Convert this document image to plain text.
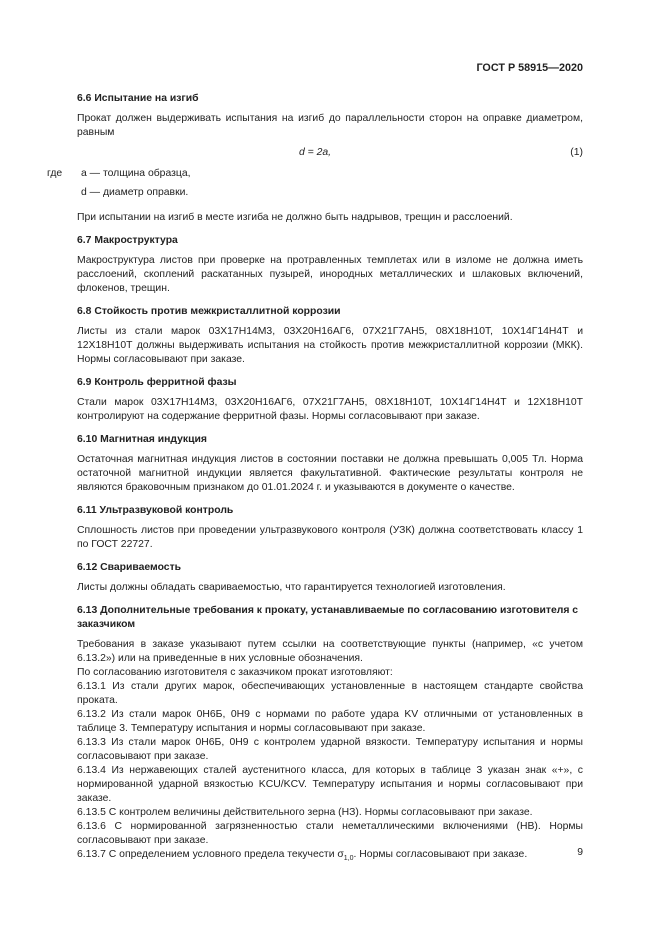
ГОСТ Р 58915—2020
6.6 Испытание на изгиб

Прокат должен выдерживать испытания на изгиб до параллельности сторон на оправке диаметром, равным

d = 2a,	(1)
где a — толщина образца,
d — диаметр оправки.

При испытании на изгиб в месте изгиба не должно быть надрывов, трещин и расслоений.

6.7 Макроструктура

Макроструктура листов при проверке на протравленных темплетах или в изломе не должна иметь расслоений, скоплений раскатанных пузырей, инородных металлических и шлаковых включений, флокенов, трещин.

6.8 Стойкость против межкристаллитной коррозии

Листы из стали марок 03Х17Н14М3, 03Х20Н16АГ6, 07Х21Г7АН5, 08Х18Н10Т, 10Х14Г14Н4Т и 12Х18Н10Т должны выдерживать испытания на стойкость против межкристаллитной коррозии (МКК). Нормы согласовывают при заказе.

6.9 Контроль ферритной фазы

Стали марок 03Х17Н14М3, 03Х20Н16АГ6, 07Х21Г7АН5, 08Х18Н10Т, 10Х14Г14Н4Т и 12Х18Н10Т контролируют на содержание ферритной фазы. Нормы согласовывают при заказе.

6.10 Магнитная индукция

Остаточная магнитная индукция листов в состоянии поставки не должна превышать 0,005 Тл. Норма остаточной магнитной индукции является факультативной. Фактические результаты контроля не являются браковочным признаком до 01.01.2024 г. и указываются в документе о качестве.

6.11 Ультразвуковой контроль

Сплошность листов при проведении ультразвукового контроля (УЗК) должна соответствовать классу 1 по ГОСТ 22727.

6.12 Свариваемость

Листы должны обладать свариваемостью, что гарантируется технологией изготовления.

6.13 Дополнительные требования к прокату, устанавливаемые по согласованию изготовителя с заказчиком

Требования в заказе указывают путем ссылки на соответствующие пункты (например, «с учетом 6.13.2») или на приведенные в них условные обозначения.

По согласованию изготовителя с заказчиком прокат изготовляют:

6.13.1 Из стали других марок, обеспечивающих установленные в настоящем стандарте свойства проката.

6.13.2 Из стали марок 0Н6Б, 0Н9 с нормами по работе удара KV отличными от установленных в таблице 3. Температуру испытания и нормы согласовывают при заказе.

6.13.3 Из стали марок 0Н6Б, 0Н9 с контролем ударной вязкости. Температуру испытания и нормы согласовывают при заказе.

6.13.4 Из нержавеющих сталей аустенитного класса, для которых в таблице 3 указан знак «+», с нормированной ударной вязкостью KCU/KCV. Температуру испытания и нормы согласовывают при заказе.

6.13.5 С контролем величины действительного зерна (НЗ). Нормы согласовывают при заказе.

6.13.6 С нормированной загрязненностью стали неметаллическими включениями (НВ). Нормы согласовывают при заказе.

6.13.7 С определением условного предела текучести $\sigma_{1,0}$. Нормы согласовывают при заказе.	9
